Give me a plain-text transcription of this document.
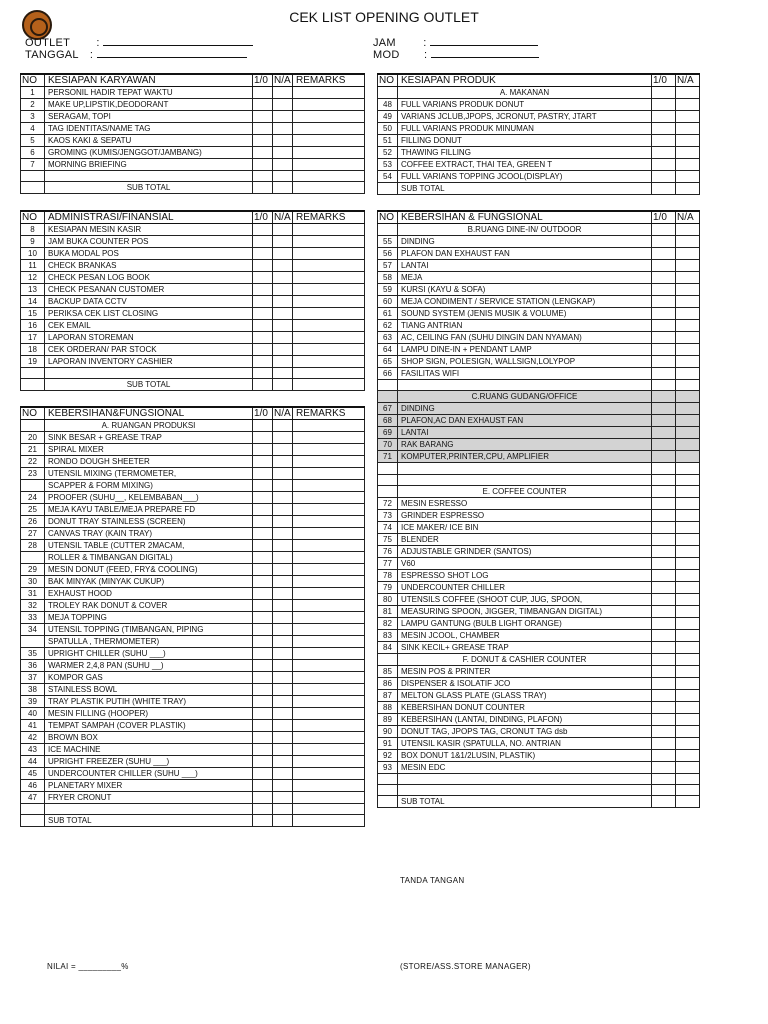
CEK LIST OPENING OUTLET
OUTLET :
TANGGAL :
JAM :
MOD :
NO	KESIAPAN KARYAWAN	1/0	N/A	REMARKS
1	PERSONIL HADIR TEPAT WAKTU			
2	MAKE UP,LIPSTIK,DEODORANT			
3	SERAGAM, TOPI			
4	TAG IDENTITAS/NAME TAG			
5	KAOS KAKI & SEPATU			
6	GROMING (KUMIS/JENGGOT/JAMBANG)			
7	MORNING BRIEFING			

	SUB TOTAL			
NO	KESIAPAN PRODUK	1/0	N/A
	A. MAKANAN		
48	FULL VARIANS PRODUK DONUT		
49	VARIANS JCLUB,JPOPS, JCRONUT, PASTRY, JTART		
50	FULL VARIANS PRODUK MINUMAN		
51	FILLING DONUT		
52	THAWING FILLING		
53	COFFEE EXTRACT, THAI TEA, GREEN T		
54	FULL VARIANS TOPPING JCOOL(DISPLAY)		
	SUB TOTAL		
NO	ADMINISTRASI/FINANSIAL	1/0	N/A	REMARKS
8	KESIAPAN MESIN KASIR			
9	JAM BUKA COUNTER POS			
10	BUKA MODAL POS			
11	CHECK BRANKAS			
12	CHECK PESAN LOG BOOK			
13	CHECK PESANAN CUSTOMER			
14	BACKUP DATA CCTV			
15	PERIKSA CEK LIST CLOSING			
16	CEK EMAIL			
17	LAPORAN STOREMAN			
18	CEK ORDERAN/ PAR STOCK			
19	LAPORAN INVENTORY CASHIER			

	SUB TOTAL			
NO	KEBERSIHAN & FUNGSIONAL	1/0	N/A
	B.RUANG DINE-IN/ OUTDOOR		
55	DINDING		
56	PLAFON DAN EXHAUST FAN		
57	LANTAI		
58	MEJA		
59	KURSI (KAYU & SOFA)		
60	MEJA CONDIMENT / SERVICE STATION (LENGKAP)		
61	SOUND SYSTEM (JENIS MUSIK & VOLUME)		
62	TIANG ANTRIAN		
63	AC, CEILING FAN (SUHU DINGIN DAN NYAMAN)		
64	LAMPU DINE-IN + PENDANT LAMP		
65	SHOP SIGN, POLESIGN, WALLSIGN,LOLYPOP		
66	FASILITAS WIFI		

	C.RUANG GUDANG/OFFICE		
67	DINDING		
68	PLAFON,AC DAN EXHAUST FAN		
69	LANTAI		
70	RAK BARANG		
71	KOMPUTER,PRINTER,CPU, AMPLIFIER		

	E. COFFEE COUNTER		
72	MESIN ESRESSO		
73	GRINDER ESPRESSO		
74	ICE MAKER/ ICE BIN		
75	BLENDER		
76	ADJUSTABLE GRINDER (SANTOS)		
77	V60		
78	ESPRESSO SHOT LOG		
79	UNDERCOUNTER CHILLER		
80	UTENSILS COFFEE (SHOOT CUP, JUG, SPOON,		
81	MEASURING SPOON, JIGGER, TIMBANGAN DIGITAL)		
82	LAMPU GANTUNG (BULB LIGHT ORANGE)		
83	MESIN JCOOL, CHAMBER		
84	SINK KECIL+ GREASE TRAP		
	F. DONUT & CASHIER COUNTER		
85	MESIN POS & PRINTER		
86	DISPENSER & ISOLATIF JCO		
87	MELTON GLASS PLATE (GLASS TRAY)		
88	KEBERSIHAN DONUT COUNTER		
89	KEBERSIHAN (LANTAI, DINDING, PLAFON)		
90	DONUT TAG, JPOPS TAG, CRONUT TAG dsb		
91	UTENSIL KASIR (SPATULLA, NO. ANTRIAN		
92	BOX DONUT 1&1/2LUSIN, PLASTIK)		
93	MESIN EDC		

	SUB TOTAL		
NO	KEBERSIHAN&FUNGSIONAL	1/0	N/A	REMARKS
	A. RUANGAN PRODUKSI			
20	SINK BESAR + GREASE TRAP			
21	SPIRAL MIXER			
22	RONDO DOUGH SHEETER			
23	UTENSIL MIXING (TERMOMETER,			
	SCAPPER & FORM MIXING)			
24	PROOFER (SUHU__, KELEMBABAN___)			
25	MEJA KAYU TABLE/MEJA PREPARE FD			
26	DONUT TRAY STAINLESS (SCREEN)			
27	CANVAS TRAY (KAIN TRAY)			
28	UTENSIL TABLE (CUTTER 2MACAM,			
	ROLLER & TIMBANGAN DIGITAL)			
29	MESIN DONUT (FEED, FRY& COOLING)			
30	BAK MINYAK (MINYAK CUKUP)			
31	EXHAUST HOOD			
32	TROLEY RAK DONUT & COVER			
33	MEJA TOPPING			
34	UTENSIL TOPPING (TIMBANGAN, PIPING			
	SPATULLA , THERMOMETER)			
35	UPRIGHT CHILLER (SUHU ___)			
36	WARMER 2,4,8 PAN (SUHU __)			
37	KOMPOR GAS			
38	STAINLESS BOWL			
39	TRAY PLASTIK PUTIH (WHITE TRAY)			
40	MESIN FILLING (HOOPER)			
41	TEMPAT SAMPAH (COVER PLASTIK)			
42	BROWN BOX			
43	ICE MACHINE			
44	UPRIGHT FREEZER (SUHU ___)			
45	UNDERCOUNTER CHILLER (SUHU ___)			
46	PLANETARY MIXER			
47	FRYER CRONUT			

	SUB TOTAL			
TANDA TANGAN
NILAI = _________%	(STORE/ASS.STORE MANAGER)
